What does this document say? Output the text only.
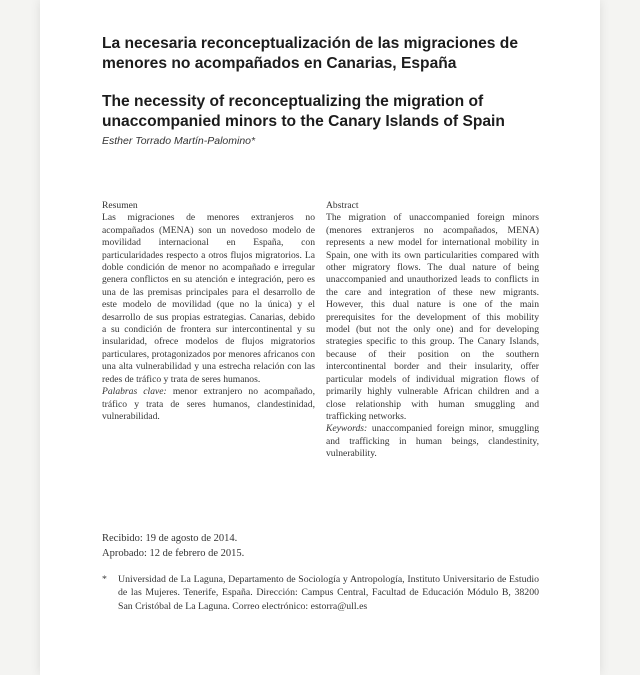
La necesaria reconceptualización de las migraciones de menores no acompañados en Canarias, España
The necessity of reconceptualizing the migration of unaccompanied minors to the Canary Islands of Spain
Esther Torrado Martín-Palomino*
Resumen

Las migraciones de menores extranjeros no acompañados (MENA) son un novedoso modelo de movilidad internacional en España, con particularidades respecto a otros flujos migratorios. La doble condición de menor no acompañado e irregular genera conflictos en su atención e integración, pero es una de las premisas principales para el desarrollo de este modelo de movilidad (que no la única) y el desarrollo de sus propias estrategias. Canarias, debido a su condición de frontera sur intercontinental y su insularidad, ofrece modelos de flujos migratorios particulares, protagonizados por menores africanos con una alta vulnerabilidad y una estrecha relación con las redes de tráfico y trata de seres humanos.

Palabras clave: menor extranjero no acompañado, tráfico y trata de seres humanos, clandestinidad, vulnerabilidad.

Abstract

The migration of unaccompanied foreign minors (menores extranjeros no acompañados, MENA) represents a new model for international mobility in Spain, one with its own particularities compared with other migratory flows. The dual nature of being unaccompanied and unauthorized leads to conflicts in the care and integration of these new migrants. However, this dual nature is one of the main prerequisites for the development of this mobility model (but not the only one) and for developing strategies specific to this group. The Canary Islands, because of their position on the southern intercontinental border and their insularity, offer particular models of individual migration flows of primarily highly vulnerable African children and a close relationship with human smuggling and trafficking networks.

Keywords: unaccompanied foreign minor, smuggling and trafficking in human beings, clandestinity, vulnerability.

Recibido: 19 de agosto de 2014.
Aprobado: 12 de febrero de 2015.
* Universidad de La Laguna, Departamento de Sociología y Antropología, Instituto Universitario de Estudio de las Mujeres. Tenerife, España. Dirección: Campus Central, Facultad de Educación Módulo B, 38200 San Cristóbal de La Laguna. Correo electrónico: estorra@ull.es
